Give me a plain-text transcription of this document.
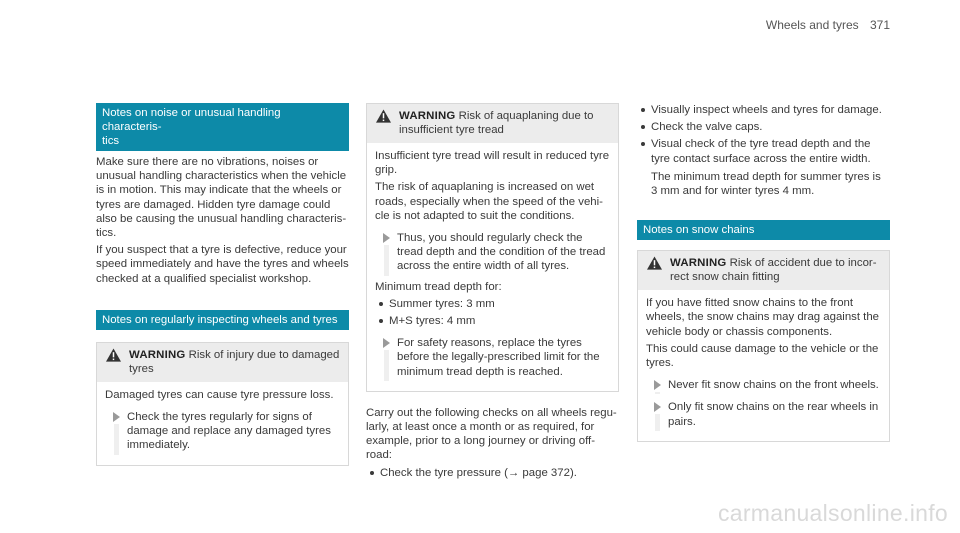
Wheels and tyres 371
Notes on noise or unusual handling characteris-
tics

Make sure there are no vibrations, noises or unusual handling characteristics when the vehicle is in motion. This may indicate that the wheels or tyres are damaged. Hidden tyre damage could also be causing the unusual handling characteris-tics.

If you suspect that a tyre is defective, reduce your speed immediately and have the tyres and wheels checked at a qualified specialist workshop.

Notes on regularly inspecting wheels and tyres
WARNING Risk of injury due to damaged tyres

Damaged tyres can cause tyre pressure loss.

Check the tyres regularly for signs of damage and replace any damaged tyres immediately.
WARNING Risk of aquaplaning due to insufficient tyre tread

Insufficient tyre tread will result in reduced tyre grip.

The risk of aquaplaning is increased on wet roads, especially when the speed of the vehi-cle is not adapted to suit the conditions.

Thus, you should regularly check the tread depth and the condition of the tread across the entire width of all tyres.

Minimum tread depth for:

Summer tyres: 3 mm
M+S tyres: 4 mm
For safety reasons, replace the tyres before the legally-prescribed limit for the minimum tread depth is reached.

Carry out the following checks on all wheels regu-larly, at least once a month or as required, for example, prior to a long journey or driving off-road:

Check the tyre pressure (→ page 372).
Visually inspect wheels and tyres for damage.
Check the valve caps.
Visual check of the tyre tread depth and the tyre contact surface across the entire width.

The minimum tread depth for summer tyres is 3 mm and for winter tyres 4 mm.

Notes on snow chains
WARNING Risk of accident due to incor-rect snow chain fitting

If you have fitted snow chains to the front wheels, the snow chains may drag against the vehicle body or chassis components.

This could cause damage to the vehicle or the tyres.

Never fit snow chains on the front wheels.
Only fit snow chains on the rear wheels in pairs.
carmanualsonline.info
